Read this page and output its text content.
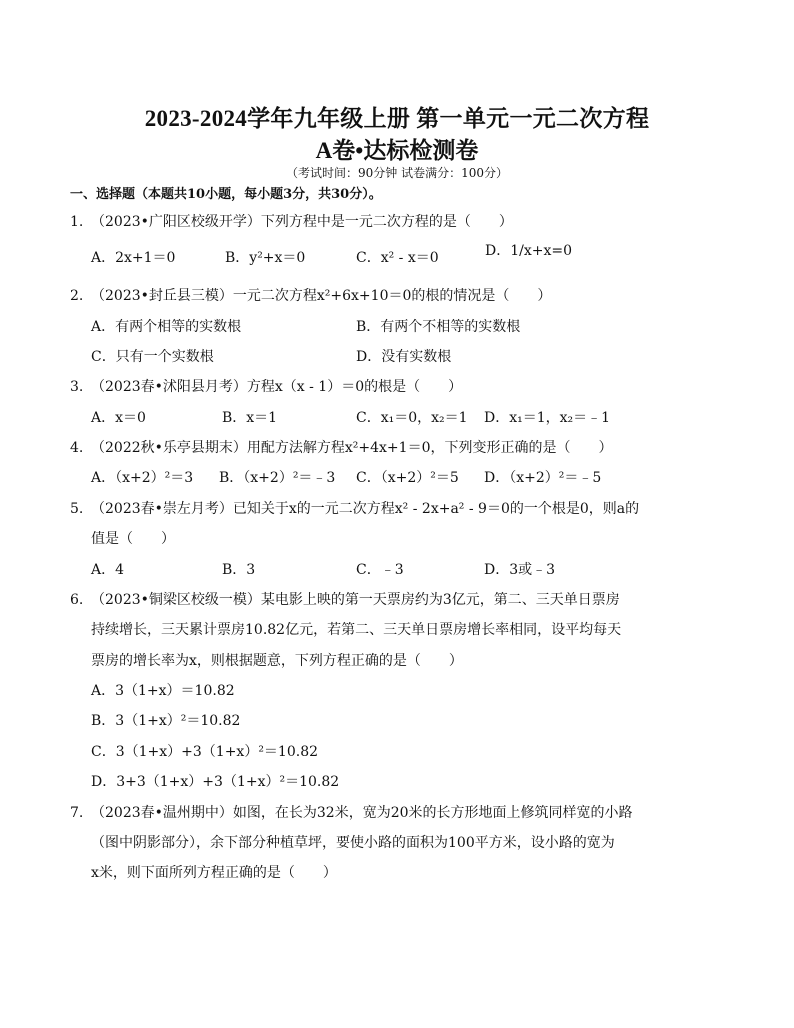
2023-2024学年九年级上册 第一单元一元二次方程
A卷•达标检测卷
（考试时间：90分钟 试卷满分：100分）
一、选择题（本题共10小题，每小题3分，共30分）。
1. （2023•广阳区校级开学）下列方程中是一元二次方程的是（　　）
A．2x+1＝0	B．y²+x＝0	C．x² - x＝0	D．1/x+x=0
2. （2023•封丘县三模）一元二次方程x²+6x+10＝0的根的情况是（　　）
A．有两个相等的实数根	B．有两个不相等的实数根
C．只有一个实数根	D．没有实数根
3. （2023春•沭阳县月考）方程x（x - 1）＝0的根是（　　）
A．x＝0	B．x＝1	C．x₁＝0，x₂＝1 D．x₁＝1，x₂＝﹣1
4. （2022秋•乐亭县期末）用配方法解方程x²+4x+1＝0，下列变形正确的是（　　）
A．（x+2）²＝3 B．（x+2）²＝﹣3 C．（x+2）²＝5 D．（x+2）²＝﹣5
5. （2023春•崇左月考）已知关于x的一元二次方程x² - 2x+a² - 9＝0的一个根是0，则a的
值是（　　）
A．4	B．3	C．﹣3	D．3或﹣3
6. （2023•铜梁区校级一模）某电影上映的第一天票房约为3亿元，第二、三天单日票房
持续增长，三天累计票房10.82亿元，若第二、三天单日票房增长率相同，设平均每天
票房的增长率为x，则根据题意，下列方程正确的是（　　）
A．3（1+x）＝10.82
B．3（1+x）²＝10.82
C．3（1+x）+3（1+x）²＝10.82
D．3+3（1+x）+3（1+x）²＝10.82
7. （2023春•温州期中）如图，在长为32米，宽为20米的长方形地面上修筑同样宽的小路
（图中阴影部分），余下部分种植草坪，要使小路的面积为100平方米，设小路的宽为
x米，则下面所列方程正确的是（　　）
